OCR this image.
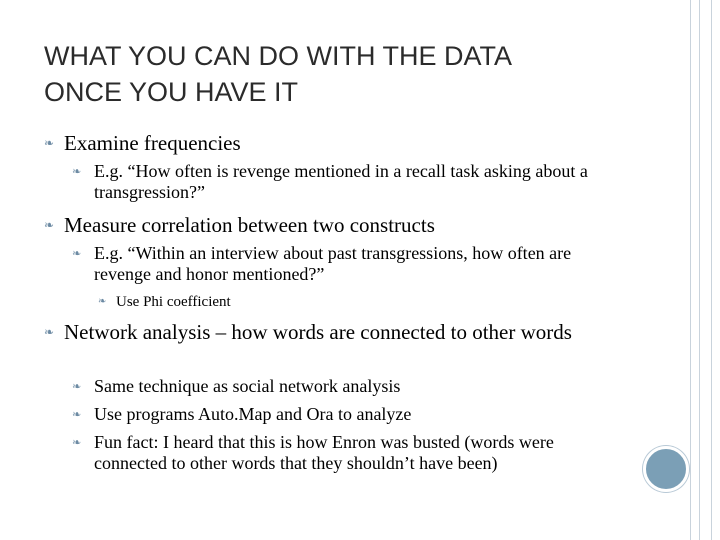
WHAT YOU CAN DO WITH THE DATA
ONCE YOU HAVE IT
❧ Examine frequencies
❧ E.g. “How often is revenge mentioned in a recall task asking about a transgression?”
❧ Measure correlation between two constructs
❧ E.g. “Within an interview about past transgressions, how often are revenge and honor mentioned?”
❧ Use Phi coefficient
❧ Network analysis – how words are connected to other words
❧ Same technique as social network analysis
❧ Use programs Auto.Map and Ora to analyze
❧ Fun fact: I heard that this is how Enron was busted (words were connected to other words that they shouldn’t have been)
